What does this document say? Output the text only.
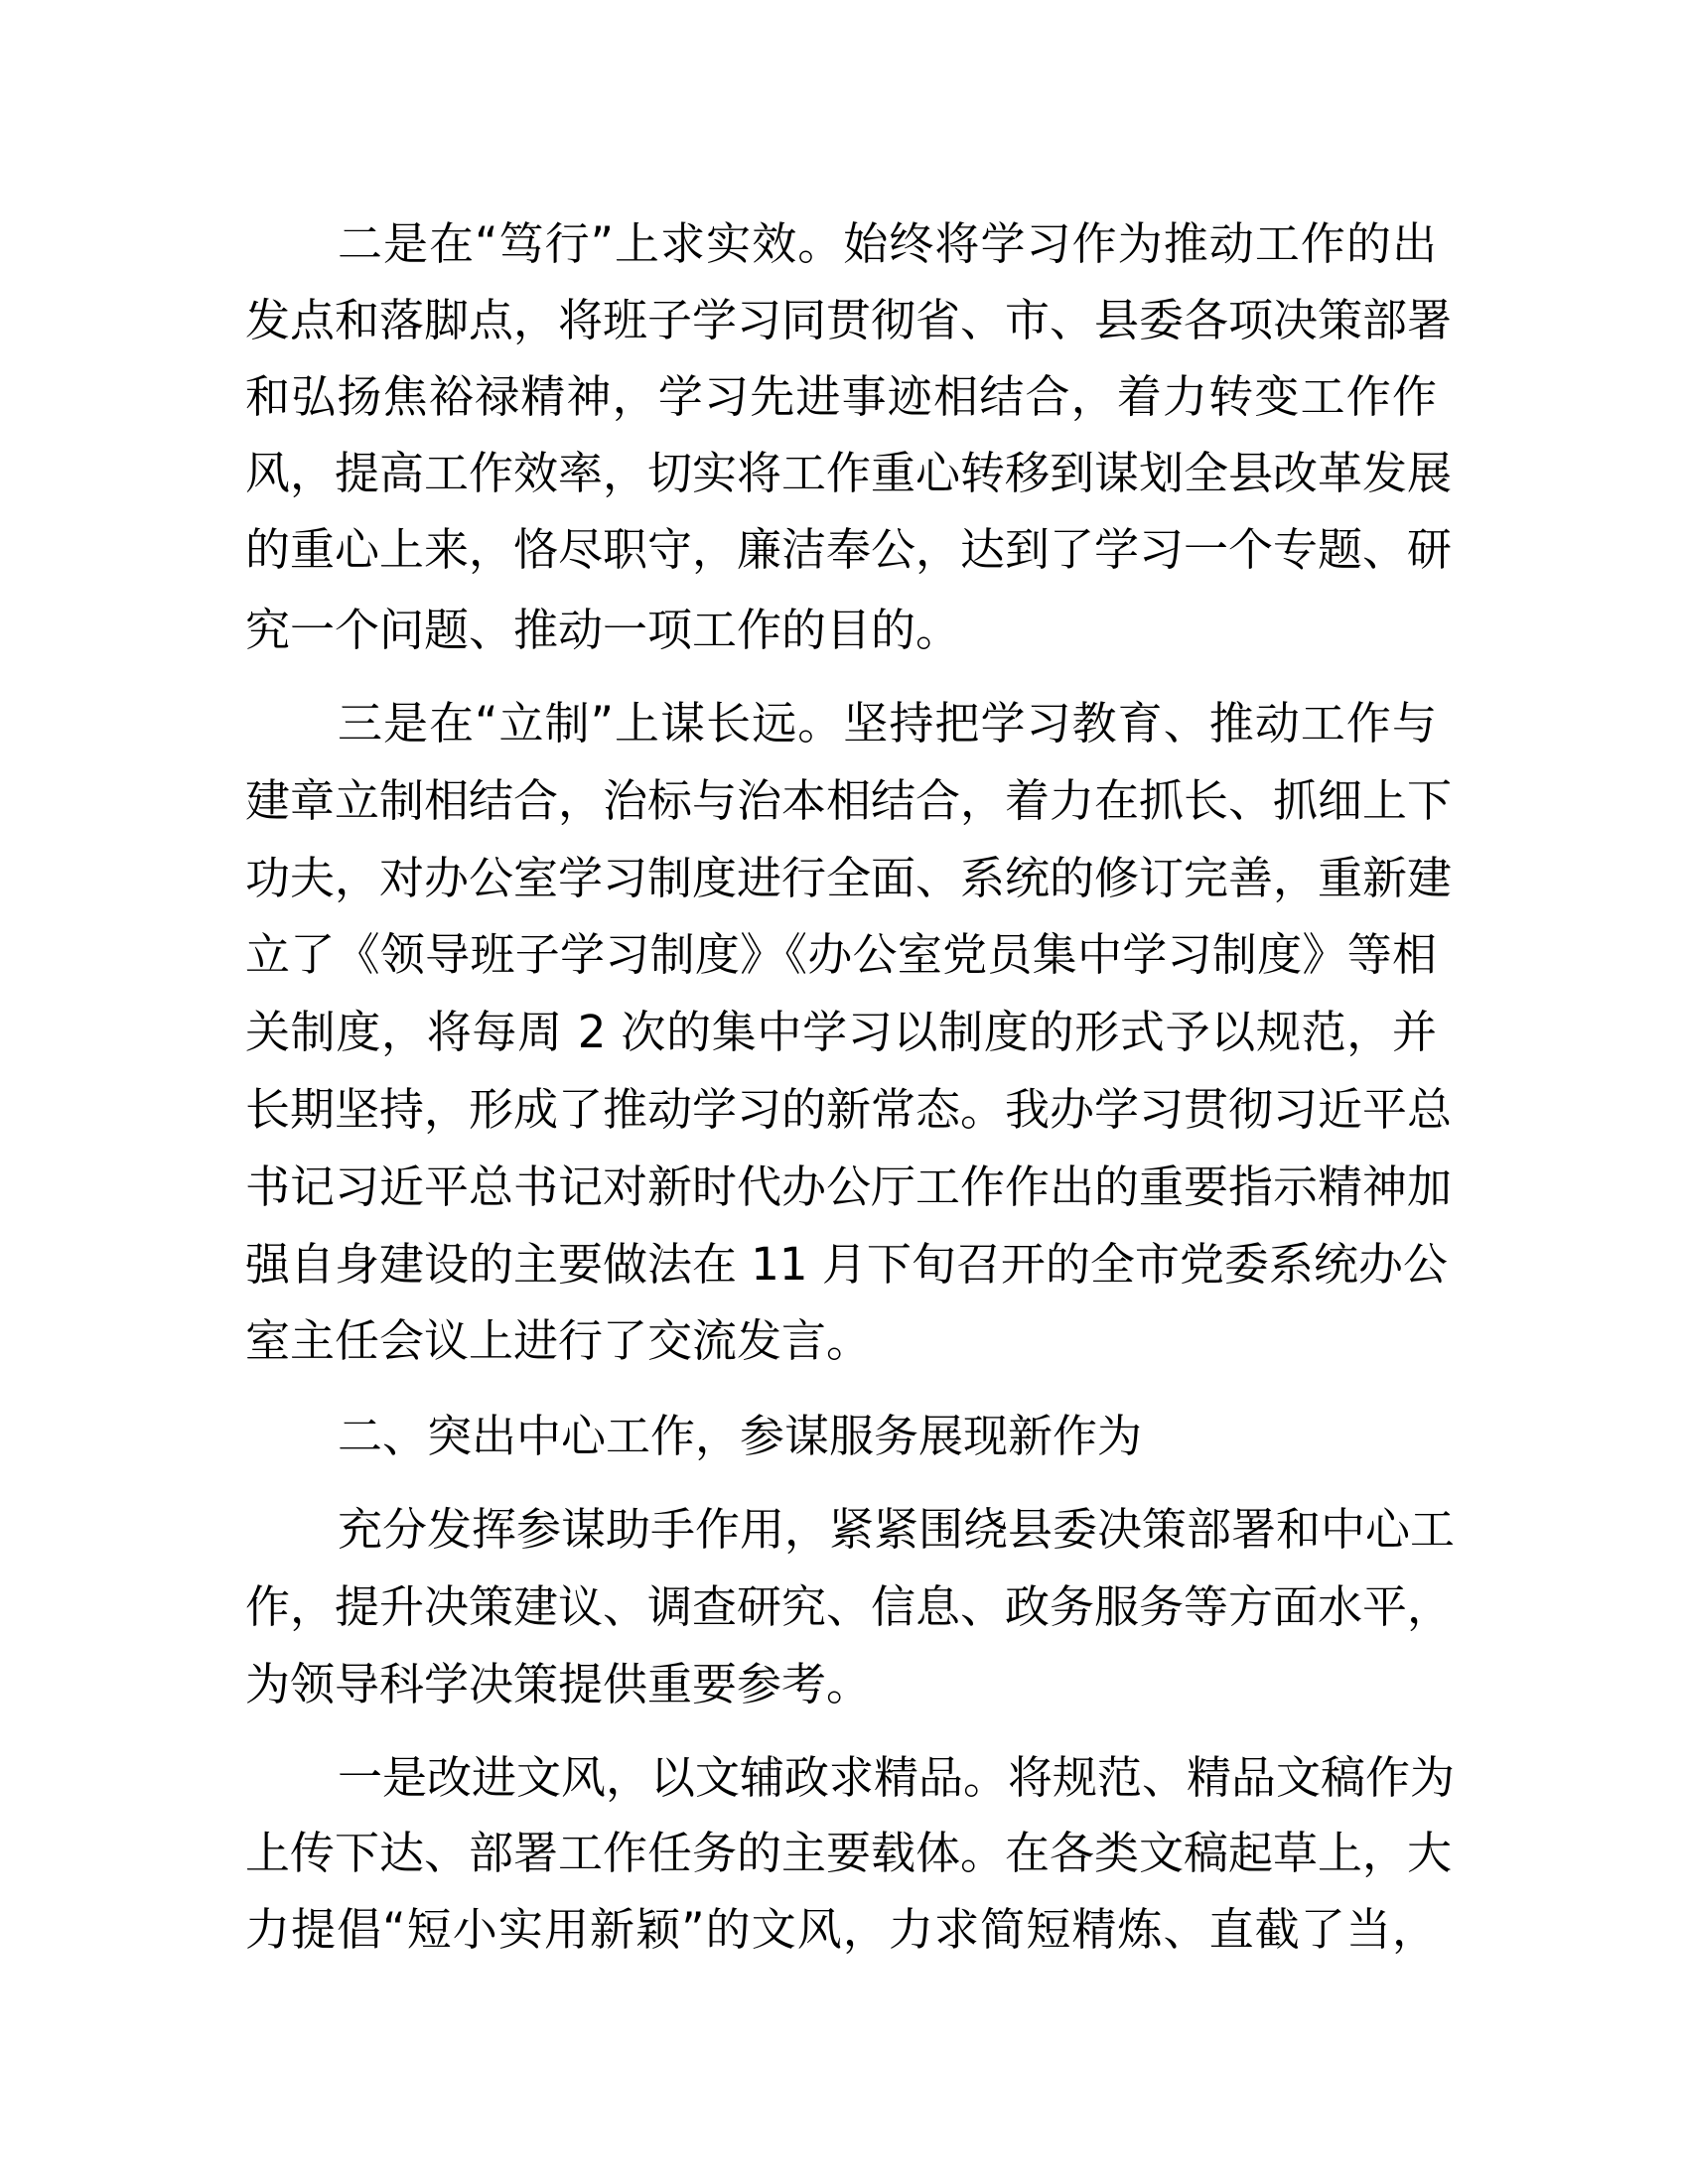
二是在“笃行”上求实效。始终将学习作为推动工作的出
发点和落脚点，将班子学习同贯彻省、市、县委各项决策部署
和弘扬焦裕禄精神，学习先进事迹相结合，着力转变工作作
风，提高工作效率，切实将工作重心转移到谋划全县改革发展
的重心上来，恪尽职守，廉洁奉公，达到了学习一个专题、研
究一个问题、推动一项工作的目的。
三是在“立制”上谋长远。坚持把学习教育、推动工作与
建章立制相结合，治标与治本相结合，着力在抓长、抓细上下
功夫，对办公室学习制度进行全面、系统的修订完善，重新建
立了《领导班子学习制度》《办公室党员集中学习制度》等相
关制度，将每周 2 次的集中学习以制度的形式予以规范，并
长期坚持，形成了推动学习的新常态。我办学习贯彻习近平总
书记习近平总书记对新时代办公厅工作作出的重要指示精神加
强自身建设的主要做法在 11 月下旬召开的全市党委系统办公
室主任会议上进行了交流发言。
二、突出中心工作，参谋服务展现新作为
充分发挥参谋助手作用，紧紧围绕县委决策部署和中心工
作，提升决策建议、调查研究、信息、政务服务等方面水平，
为领导科学决策提供重要参考。
一是改进文风，以文辅政求精品。将规范、精品文稿作为
上传下达、部署工作任务的主要载体。在各类文稿起草上，大
力提倡“短小实用新颖”的文风，力求简短精炼、直截了当，
